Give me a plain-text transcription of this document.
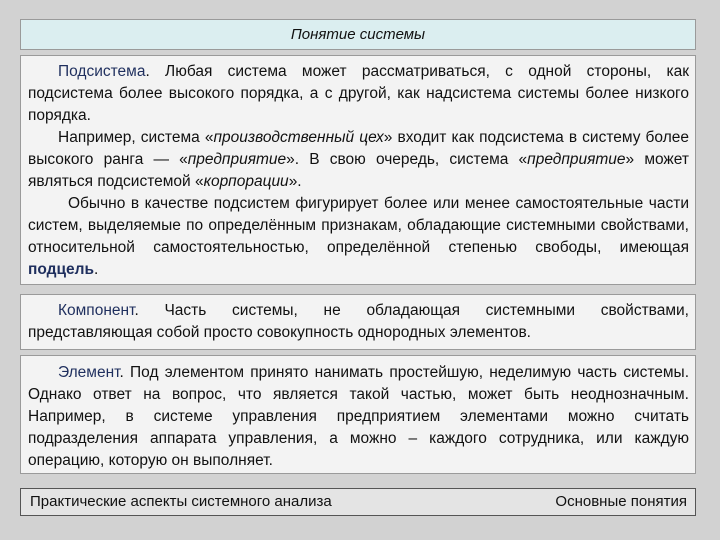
Понятие системы

Подсистема. Любая система может рассматриваться, с одной стороны, как подсистема более высокого порядка, а с другой, как надсистема системы более низкого порядка.

Например, система «производственный цех» входит как подсистема в систему более высокого ранга — «предприятие». В свою очередь, система «предприятие» может являться подсистемой «корпорации».

Обычно в качестве подсистем фигурирует более или менее самостоятельные части систем, выделяемые по определённым признакам, обладающие системными свойствами, относительной самостоятельностью, определённой степенью свободы, имеющая подцель.

Компонент. Часть системы, не обладающая системными свойствами, представляющая собой просто совокупность однородных элементов.

Элемент. Под элементом принято нанимать простейшую, неделимую часть системы. Однако ответ на вопрос, что является такой частью, может быть неоднозначным. Например, в системе управления предприятием элементами можно считать подразделения аппарата управления, а можно – каждого сотрудника, или каждую операцию, которую он выполняет.

Практические аспекты системного анализа	Основные понятия
